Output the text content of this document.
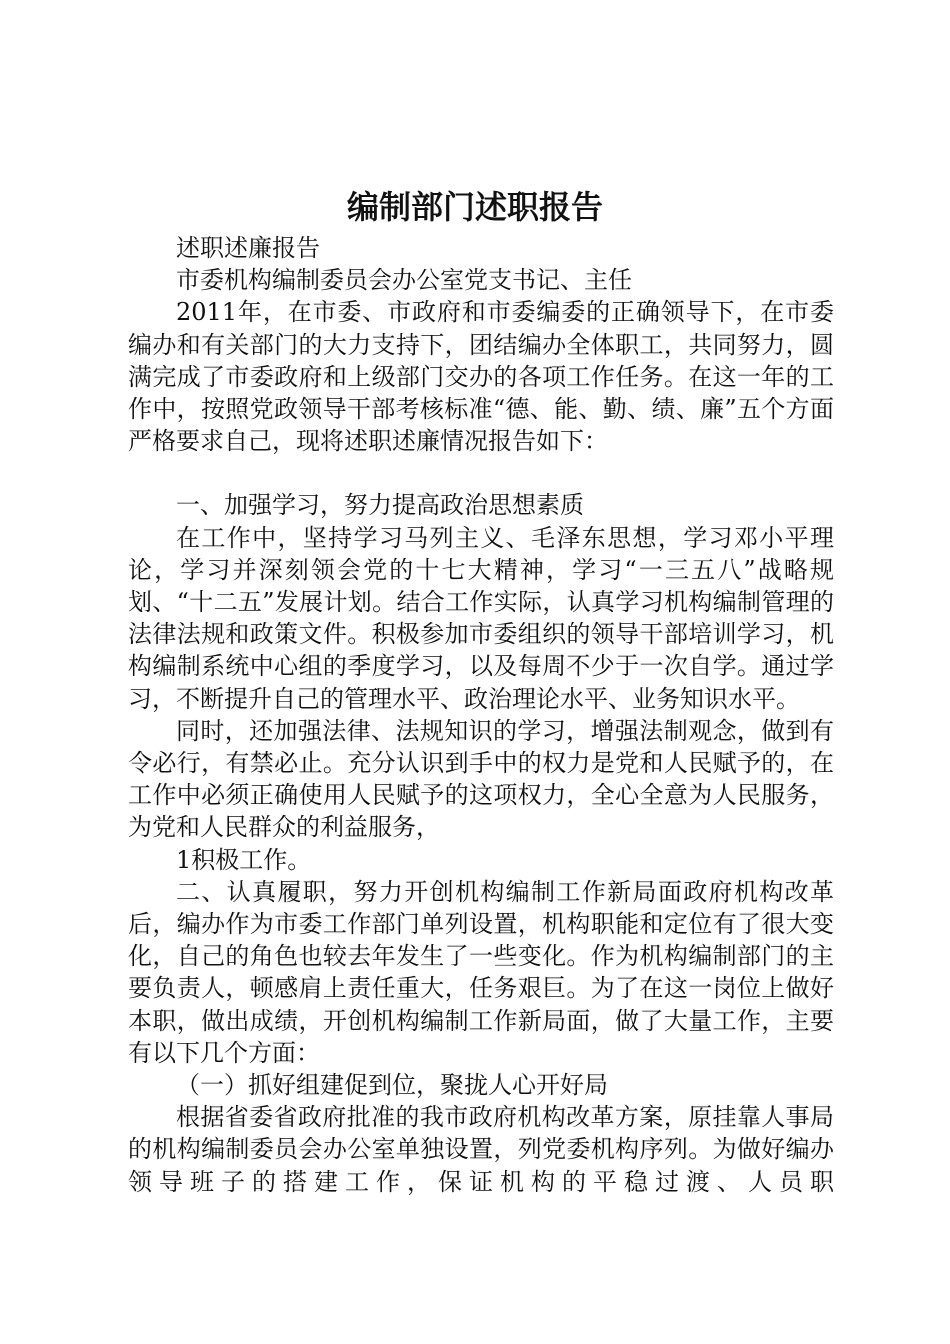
编制部门述职报告

述职述廉报告

市委机构编制委员会办公室党支书记、主任

2011年，在市委、市政府和市委编委的正确领导下，在市委编办和有关部门的大力支持下，团结编办全体职工，共同努力，圆满完成了市委政府和上级部门交办的各项工作任务。在这一年的工作中，按照党政领导干部考核标准“德、能、勤、绩、廉”五个方面严格要求自己，现将述职述廉情况报告如下：

一、加强学习，努力提高政治思想素质

在工作中，坚持学习马列主义、毛泽东思想，学习邓小平理论，学习并深刻领会党的十七大精神，学习“一三五八”战略规划、“十二五”发展计划。结合工作实际，认真学习机构编制管理的法律法规和政策文件。积极参加市委组织的领导干部培训学习，机构编制系统中心组的季度学习，以及每周不少于一次自学。通过学习，不断提升自己的管理水平、政治理论水平、业务知识水平。

同时，还加强法律、法规知识的学习，增强法制观念，做到有令必行，有禁必止。充分认识到手中的权力是党和人民赋予的，在工作中必须正确使用人民赋予的这项权力，全心全意为人民服务，为党和人民群众的利益服务，

1积极工作。

二、认真履职，努力开创机构编制工作新局面政府机构改革后，编办作为市委工作部门单列设置，机构职能和定位有了很大变化，自己的角色也较去年发生了一些变化。作为机构编制部门的主要负责人，顿感肩上责任重大，任务艰巨。为了在这一岗位上做好本职，做出成绩，开创机构编制工作新局面，做了大量工作，主要有以下几个方面：

（一）抓好组建促到位，聚拢人心开好局

根据省委省政府批准的我市政府机构改革方案，原挂靠人事局的机构编制委员会办公室单独设置，列党委机构序列。为做好编办领导班子的搭建工作，保证机构的平稳过渡、人员职
